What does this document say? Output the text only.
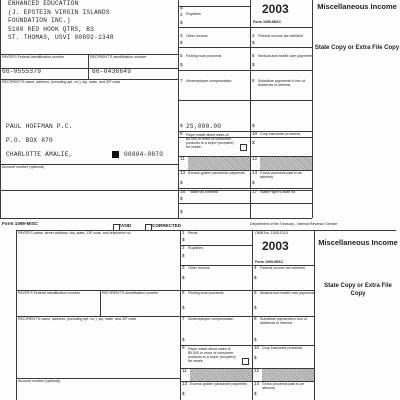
ENHANCED EDUCATION
(J. EPSTEIN VIRGIN ISLANDS
FOUNDATION INC.)
5100 RED HOOK QTRS, B3
ST. THOMAS, USVI 00802-1348
2 Royalties
$
$	2003
Form 1099-MISC
Miscellaneous Income
3 Other income
$
4 Federal income tax withheld
$
State Copy or Extra File Copy
PAYER'S Federal identification number	RECIPIENT'S identification number
66-0555379	66-0436649
5 Fishing boat proceeds
$
6 Medical and health care payments
$
RECIPIENT'S name, address, (including apt. no.), zip, state, and ZIP code	7 Nonemployee compensation	8 Substitute payments in lieu of dividends or interest
PAUL HOFFMAN P.C.	$ 25,000.00	$
9 Payer made direct sales of $5,000 or more of consumer products to a buyer (recipient) for resale
10 Crop insurance proceeds
$
P.O. BOX 870
CHARLOTTE AMALIE,	00804-0870
Account number (optional)
11	12
13 Excess golden parachute payments 14 Gross proceeds paid to an attorney
$	$
16 State tax withheld	17 State/Payer's state no.
$
$
Form 1099-MISC	Department of the Treasury - Internal Revenue Service
VOID	CORRECTED
PAYER'S name, street address, city, state, ZIP code, and telephone no.	1 Rents
$
OMB No. 1545-0115
2003
2 Royalties
$
Form 1099-MISC
Miscellaneous Income
3 Other income
$
4 Federal income tax withheld
$
State Copy or Extra File Copy
PAYER'S Federal identification number	RECIPIENT'S identification number	5 Fishing boat proceeds
$
6 Medical and health care payments
$
RECIPIENT'S name, address, (including apt. no.), zip, state, and ZIP code	7 Nonemployee compensation
$
8 Substitute payments in lieu of dividends or interest
$
9 Payer made direct sales of $5,000 or more of consumer products to a buyer (recipient) for resale
10 Crop insurance proceeds
$
11	12
Account number (optional)	13 Excess golden parachute payments 14 Gross proceeds paid to an attorney
$	$
